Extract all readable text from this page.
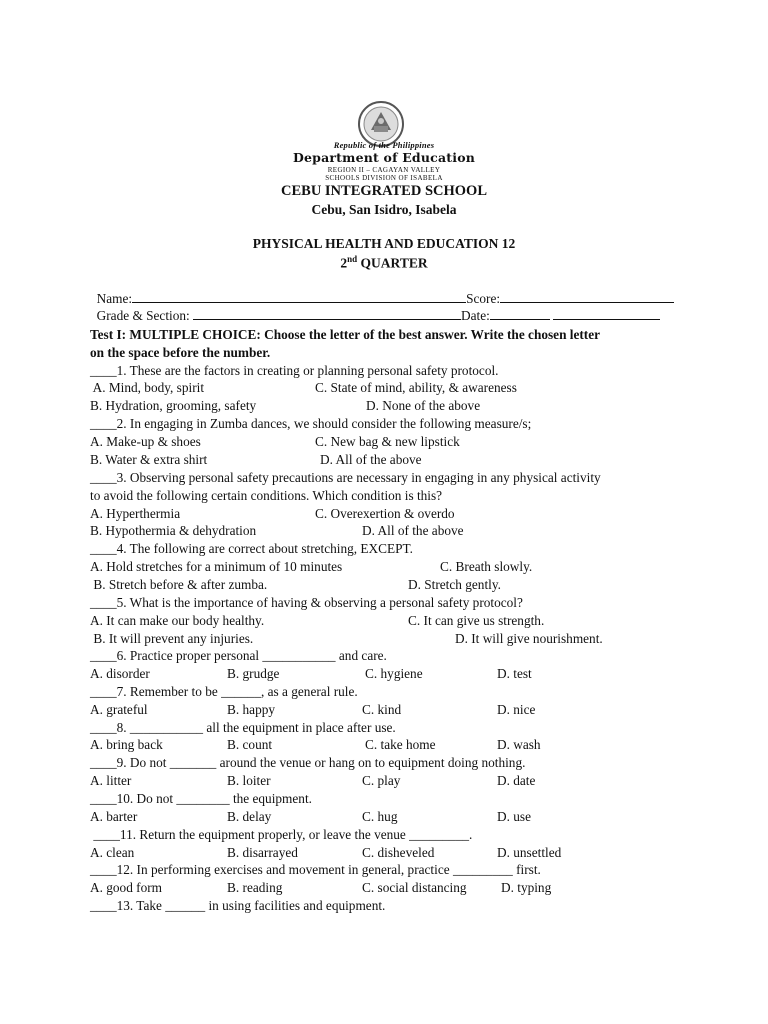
Republic of the Philippines
Department of Education
REGION II – CAGAYAN VALLEY
SCHOOLS DIVISION OF ISABELA
CEBU INTEGRATED SCHOOL
Cebu, San Isidro, Isabela
PHYSICAL HEALTH AND EDUCATION 12
2nd QUARTER

Name:	Score:

Grade & Section:	Date:

Test I: MULTIPLE CHOICE: Choose the letter of the best answer. Write the chosen letter
on the space before the number.
____1. These are the factors in creating or planning personal safety protocol.
A. Mind, body, spirit	C. State of mind, ability, & awareness
B. Hydration, grooming, safety	D. None of the above
____2. In engaging in Zumba dances, we should consider the following measure/s;
A. Make-up & shoes	C. New bag & new lipstick
B. Water & extra shirt	D. All of the above
____3. Observing personal safety precautions are necessary in engaging in any physical activity
to avoid the following certain conditions. Which condition is this?
A. Hyperthermia	C. Overexertion & overdo
B. Hypothermia & dehydration	D. All of the above
____4. The following are correct about stretching, EXCEPT.
A. Hold stretches for a minimum of 10 minutes	C. Breath slowly.
B. Stretch before & after zumba.	D. Stretch gently.
____5. What is the importance of having & observing a personal safety protocol?
A. It can make our body healthy.	C. It can give us strength.
B. It will prevent any injuries.	D. It will give nourishment.
____6. Practice proper personal ___________ and care.
A. disorder	B. grudge	C. hygiene	D. test
____7. Remember to be ______, as a general rule.
A. grateful	B. happy	C. kind	D. nice
____8. ___________ all the equipment in place after use.
A. bring back	B. count	C. take home	D. wash
____9. Do not _______ around the venue or hang on to equipment doing nothing.
A. litter	B. loiter	C. play	D. date
____10. Do not ________ the equipment.
A. barter	B. delay	C. hug	D. use
____11. Return the equipment properly, or leave the venue _________.
A. clean	B. disarrayed	C. disheveled	D. unsettled
____12. In performing exercises and movement in general, practice _________ first.
A. good form	B. reading	C. social distancing	D. typing
____13. Take ______ in using facilities and equipment.
